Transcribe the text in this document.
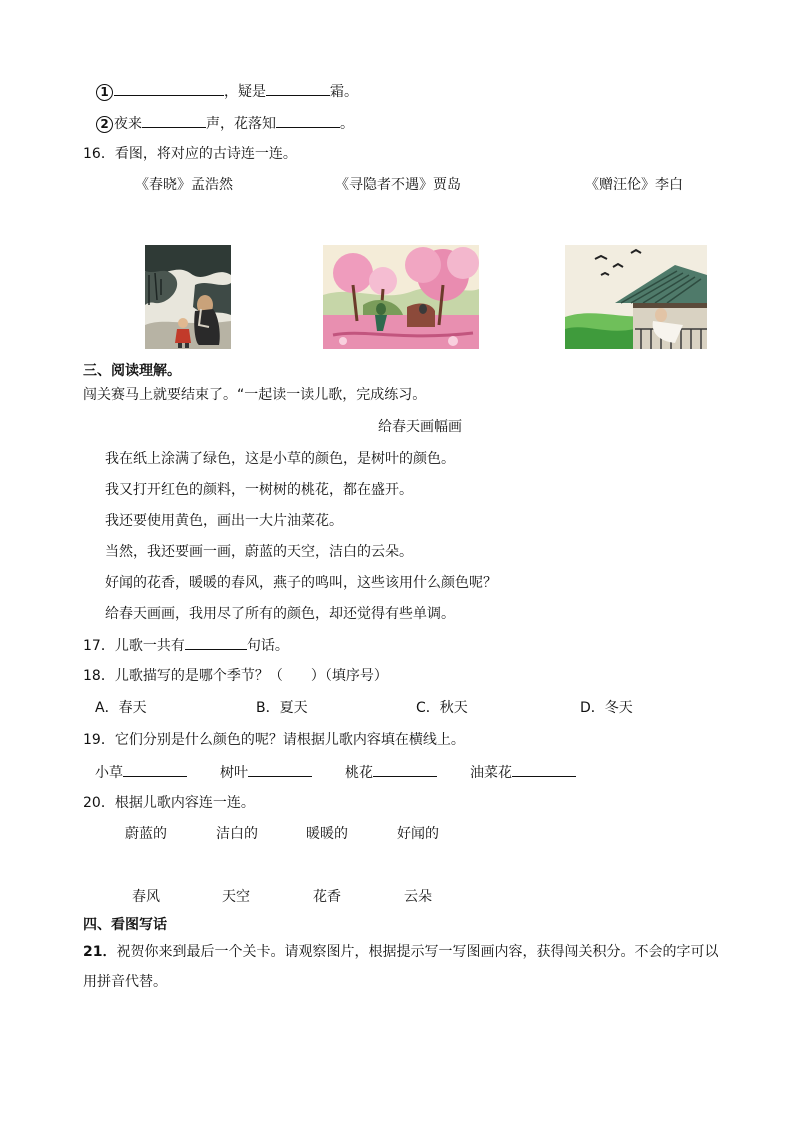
1	，疑是	霜。
2 夜来	声，花落知	。
16．看图，将对应的古诗连一连。
《春晓》孟浩然	《寻隐者不遇》贾岛	《赠汪伦》李白
三、阅读理解。
闯关赛马上就要结束了。“一起读一读儿歌，完成练习。
给春天画幅画
我在纸上涂满了绿色，这是小草的颜色，是树叶的颜色。
我又打开红色的颜料，一树树的桃花，都在盛开。
我还要使用黄色，画出一大片油菜花。
当然，我还要画一画，蔚蓝的天空，洁白的云朵。
好闻的花香，暖暖的春风，燕子的鸣叫，这些该用什么颜色呢？
给春天画画，我用尽了所有的颜色，却还觉得有些单调。
17．儿歌一共有	句话。
18．儿歌描写的是哪个季节？（　　）（填序号）
A．春天	B．夏天	C．秋天	D．冬天
19．它们分别是什么颜色的呢？请根据儿歌内容填在横线上。
小草	树叶	桃花	油菜花
20．根据儿歌内容连一连。
蔚蓝的	洁白的	暖暖的	好闻的
春风	天空	花香	云朵
四、看图写话
21．祝贺你来到最后一个关卡。请观察图片，根据提示写一写图画内容，获得闯关积分。不会的字可以
用拼音代替。
